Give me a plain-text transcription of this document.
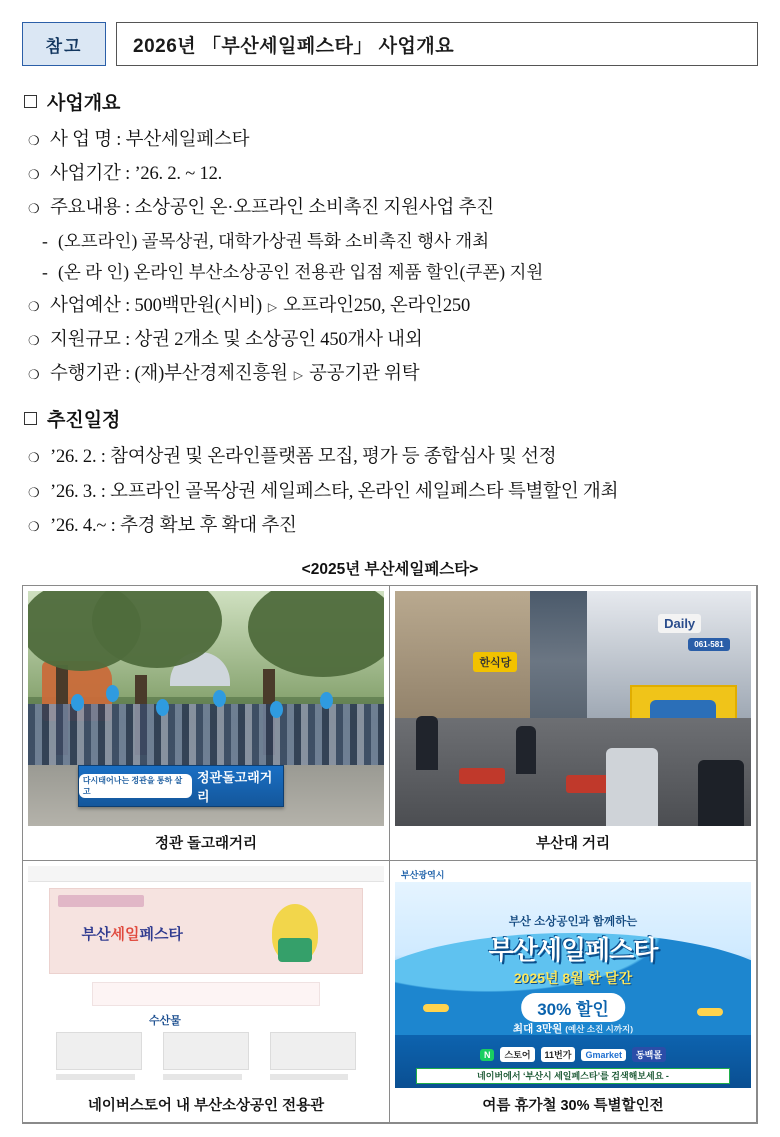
참고	2026년 「부산세일페스타」 사업개요
사업개요
❍ 사 업 명 : 부산세일페스타
❍ 사업기간 : ’26. 2. ~ 12.
❍ 주요내용 : 소상공인 온·오프라인 소비촉진 지원사업 추진
- (오프라인) 골목상권, 대학가상권 특화 소비촉진 행사 개최
- (온 라 인) 온라인 부산소상공인 전용관 입점 제품 할인(쿠폰) 지원
❍ 사업예산 : 500백만원(시비) ▷ 오프라인250, 온라인250
❍ 지원규모 : 상권 2개소 및 소상공인 450개사 내외
❍ 수행기관 : (재)부산경제진흥원 ▷ 공공기관 위탁
추진일정
❍ ’26. 2. : 참여상권 및 온라인플랫폼 모집, 평가 등 종합심사 및 선정
❍ ’26. 3. : 오프라인 골목상권 세일페스타, 온라인 세일페스타 특별할인 개최
❍ ’26. 4.~ : 추경 확보 후 확대 추진
<2025년 부산세일페스타>
다시태어나는 정관을 통하 살고
정관돌고래거리
정관 돌고래거리
Daily
한식당
061-581
부산대 거리
부산세일페스타
수산물
네이버스토어 내 부산소상공인 전용관
부산광역시
부산 소상공인과 함께하는
부산세일페스타
2025년 8월 한 달간
30% 할인
최대 3만원 (예산 소진 시까지)
N	스토어	11번가	Gmarket	동백몰
네이버에서 ‘부산시 세일페스타’를 검색해보세요 -
여름 휴가철 30% 특별할인전
